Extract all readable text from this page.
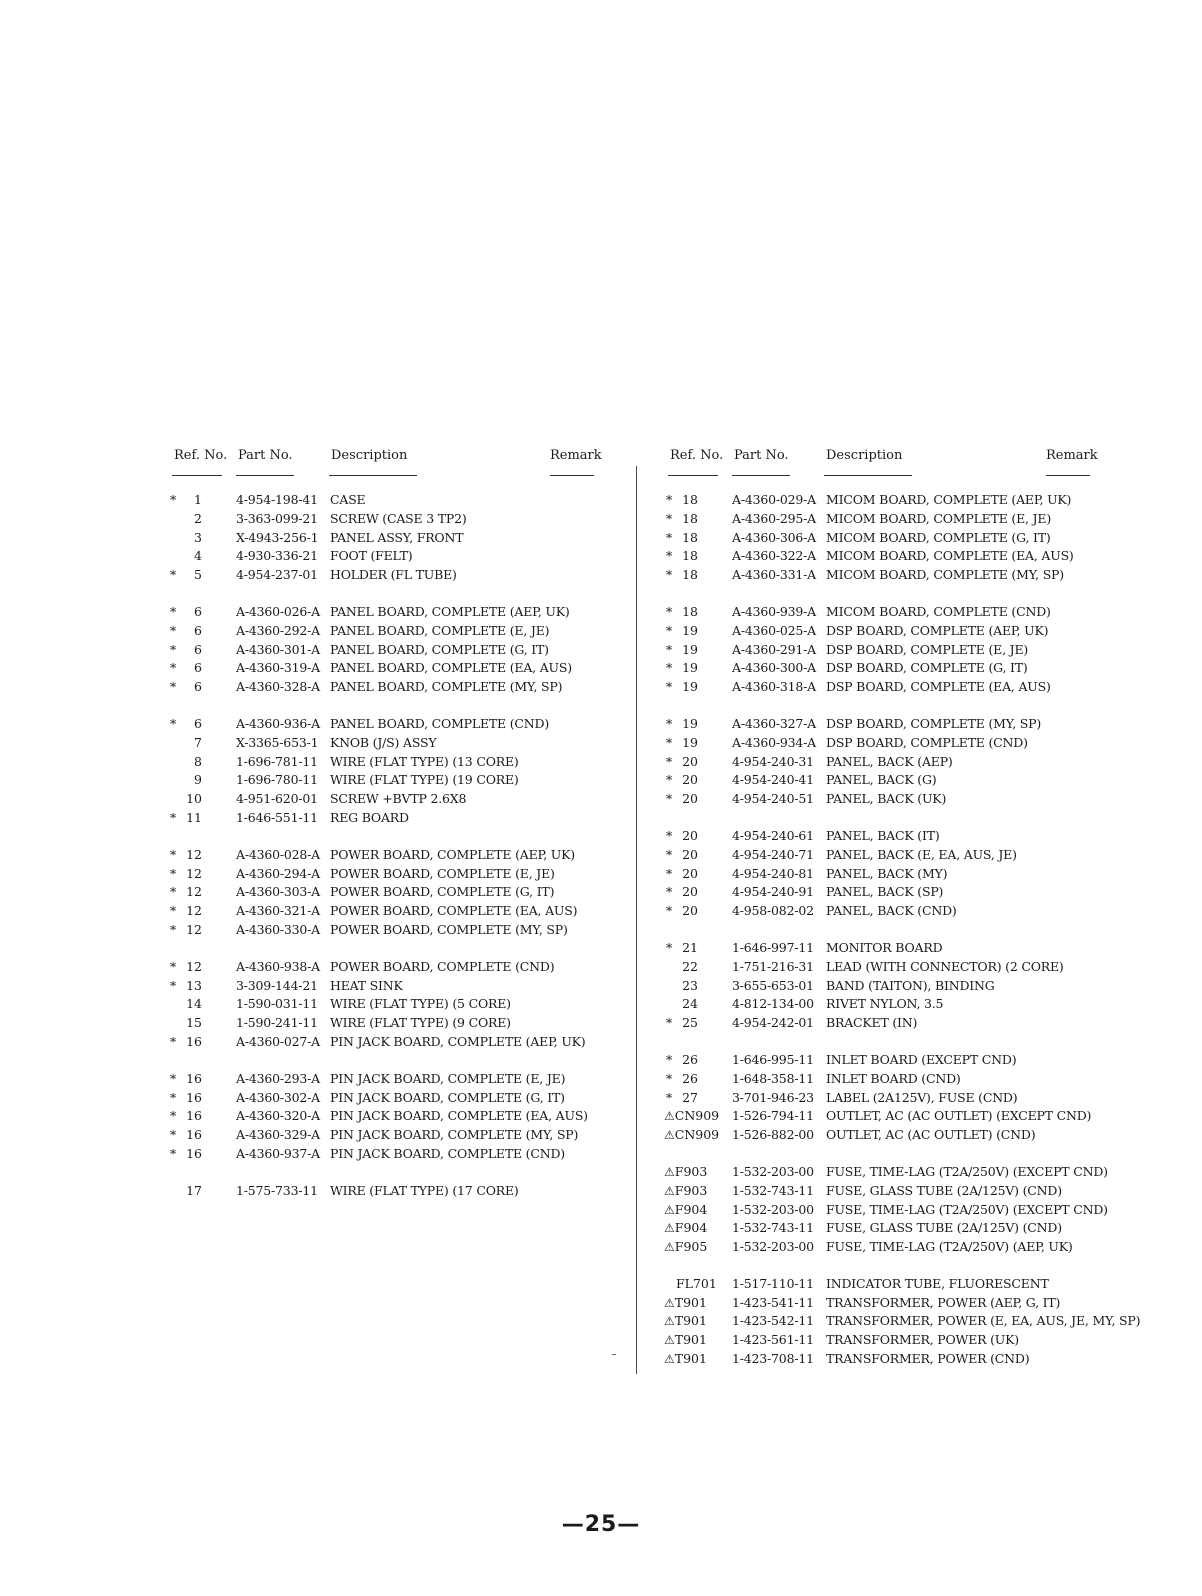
Ref. No. Part No.	Description	Remark
*	1	4-954-198-41 CASE
2	3-363-099-21 SCREW (CASE 3 TP2)
3	X-4943-256-1 PANEL ASSY, FRONT
4	4-930-336-21 FOOT (FELT)
*	5	4-954-237-01 HOLDER (FL TUBE)
*	6	A-4360-026-A PANEL BOARD, COMPLETE (AEP, UK)
*	6	A-4360-292-A PANEL BOARD, COMPLETE (E, JE)
*	6	A-4360-301-A PANEL BOARD, COMPLETE (G, IT)
*	6	A-4360-319-A PANEL BOARD, COMPLETE (EA, AUS)
*	6	A-4360-328-A PANEL BOARD, COMPLETE (MY, SP)
*	6	A-4360-936-A PANEL BOARD, COMPLETE (CND)
7	X-3365-653-1 KNOB (J/S) ASSY
8	1-696-781-11 WIRE (FLAT TYPE) (13 CORE)
9	1-696-780-11 WIRE (FLAT TYPE) (19 CORE)
10	4-951-620-01 SCREW +BVTP 2.6X8
* 11	1-646-551-11 REG BOARD
* 12	A-4360-028-A POWER BOARD, COMPLETE (AEP, UK)
* 12	A-4360-294-A POWER BOARD, COMPLETE (E, JE)
* 12	A-4360-303-A POWER BOARD, COMPLETE (G, IT)
* 12	A-4360-321-A POWER BOARD, COMPLETE (EA, AUS)
* 12	A-4360-330-A POWER BOARD, COMPLETE (MY, SP)
* 12	A-4360-938-A POWER BOARD, COMPLETE (CND)
* 13	3-309-144-21 HEAT SINK
14	1-590-031-11 WIRE (FLAT TYPE) (5 CORE)
15	1-590-241-11 WIRE (FLAT TYPE) (9 CORE)
* 16	A-4360-027-A PIN JACK BOARD, COMPLETE (AEP, UK)
* 16	A-4360-293-A PIN JACK BOARD, COMPLETE (E, JE)
* 16	A-4360-302-A PIN JACK BOARD, COMPLETE (G, IT)
* 16	A-4360-320-A PIN JACK BOARD, COMPLETE (EA, AUS)
* 16	A-4360-329-A PIN JACK BOARD, COMPLETE (MY, SP)
* 16	A-4360-937-A PIN JACK BOARD, COMPLETE (CND)
17	1-575-733-11 WIRE (FLAT TYPE) (17 CORE)
Ref. No. Part No.	Description	Remark
* 18	A-4360-029-A MICOM BOARD, COMPLETE (AEP, UK)
* 18	A-4360-295-A MICOM BOARD, COMPLETE (E, JE)
* 18	A-4360-306-A MICOM BOARD, COMPLETE (G, IT)
* 18	A-4360-322-A MICOM BOARD, COMPLETE (EA, AUS)
* 18	A-4360-331-A MICOM BOARD, COMPLETE (MY, SP)
* 18	A-4360-939-A MICOM BOARD, COMPLETE (CND)
* 19	A-4360-025-A DSP BOARD, COMPLETE (AEP, UK)
* 19	A-4360-291-A DSP BOARD, COMPLETE (E, JE)
* 19	A-4360-300-A DSP BOARD, COMPLETE (G, IT)
* 19	A-4360-318-A DSP BOARD, COMPLETE (EA, AUS)
* 19	A-4360-327-A DSP BOARD, COMPLETE (MY, SP)
* 19	A-4360-934-A DSP BOARD, COMPLETE (CND)
* 20	4-954-240-31 PANEL, BACK (AEP)
* 20	4-954-240-41 PANEL, BACK (G)
* 20	4-954-240-51 PANEL, BACK (UK)
* 20	4-954-240-61 PANEL, BACK (IT)
* 20	4-954-240-71 PANEL, BACK (E, EA, AUS, JE)
* 20	4-954-240-81 PANEL, BACK (MY)
* 20	4-954-240-91 PANEL, BACK (SP)
* 20	4-958-082-02 PANEL, BACK (CND)
* 21	1-646-997-11 MONITOR BOARD
22	1-751-216-31 LEAD (WITH CONNECTOR) (2 CORE)
23	3-655-653-01 BAND (TAITON), BINDING
24	4-812-134-00 RIVET NYLON, 3.5
* 25	4-954-242-01 BRACKET (IN)
* 26	1-646-995-11 INLET BOARD (EXCEPT CND)
* 26	1-648-358-11 INLET BOARD (CND)
* 27	3-701-946-23 LABEL (2A125V), FUSE (CND)
⚠CN909 1-526-794-11 OUTLET, AC (AC OUTLET) (EXCEPT CND)
⚠CN909 1-526-882-00 OUTLET, AC (AC OUTLET) (CND)
⚠F903 1-532-203-00 FUSE, TIME-LAG (T2A/250V) (EXCEPT CND)
⚠F903 1-532-743-11 FUSE, GLASS TUBE (2A/125V) (CND)
⚠F904 1-532-203-00 FUSE, TIME-LAG (T2A/250V) (EXCEPT CND)
⚠F904 1-532-743-11 FUSE, GLASS TUBE (2A/125V) (CND)
⚠F905 1-532-203-00 FUSE, TIME-LAG (T2A/250V) (AEP, UK)
FL701 1-517-110-11 INDICATOR TUBE, FLUORESCENT
⚠T901 1-423-541-11 TRANSFORMER, POWER (AEP, G, IT)
⚠T901 1-423-542-11 TRANSFORMER, POWER (E, EA, AUS, JE, MY, SP)
⚠T901 1-423-561-11 TRANSFORMER, POWER (UK)
⚠T901 1-423-708-11 TRANSFORMER, POWER (CND)
—25—
